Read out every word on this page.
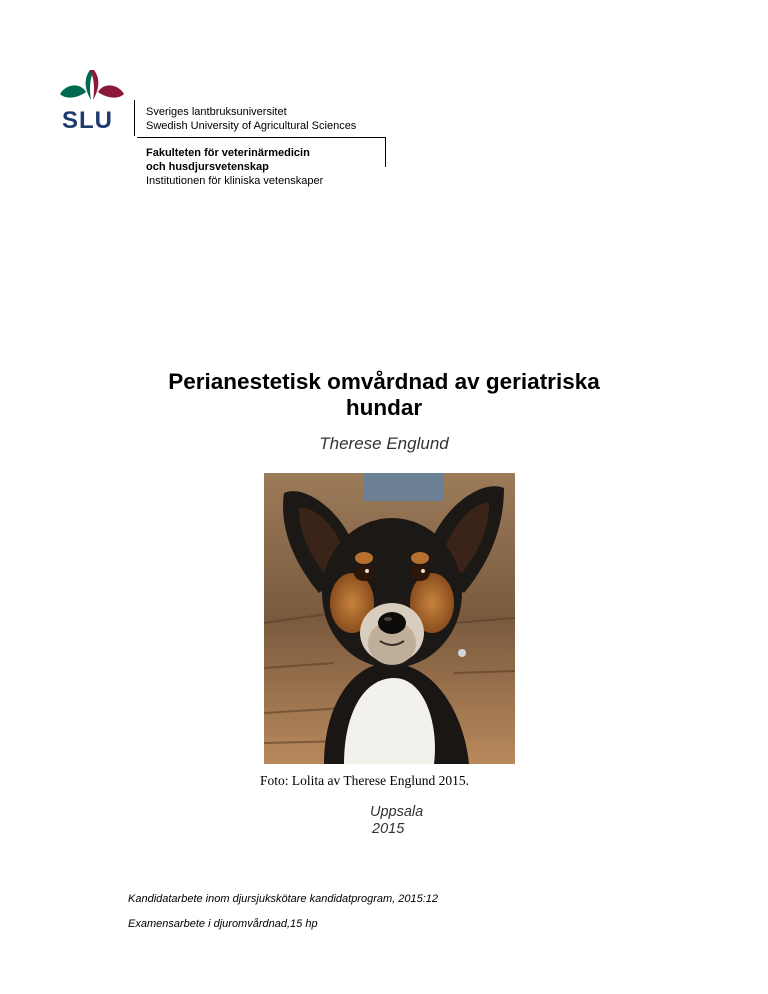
SLU	Sveriges lantbruksuniversitet
Swedish University of Agricultural Sciences
Fakulteten för veterinärmedicin
och husdjursvetenskap
Institutionen för kliniska vetenskaper
Perianestetisk omvårdnad av geriatriska
hundar
Therese Englund
Foto: Lolita av Therese Englund 2015.
Uppsala
2015
Kandidatarbete inom djursjukskötare kandidatprogram, 2015:12
Examensarbete i djuromvårdnad,15 hp
